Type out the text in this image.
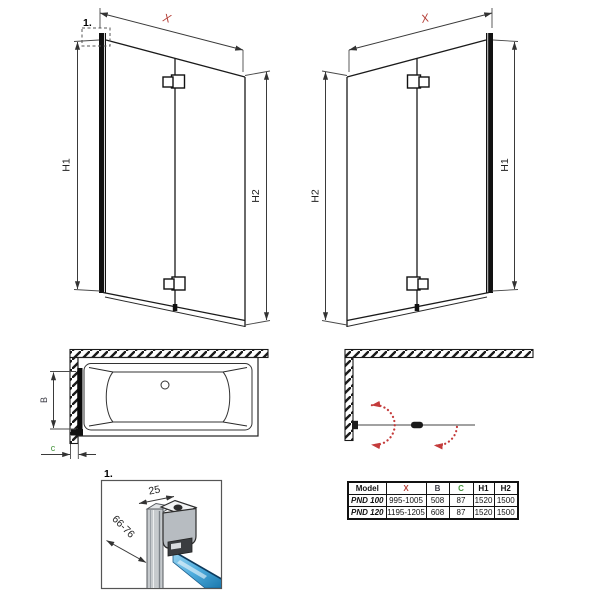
1.	X
H1
H2
X
H1
H2
B
c
1.
25
66-76
Model	X	B	C	H1	H2
PND 100	995-1005	508	87	1520	1500
PND 120	1195-1205	608	87	1520	1500
